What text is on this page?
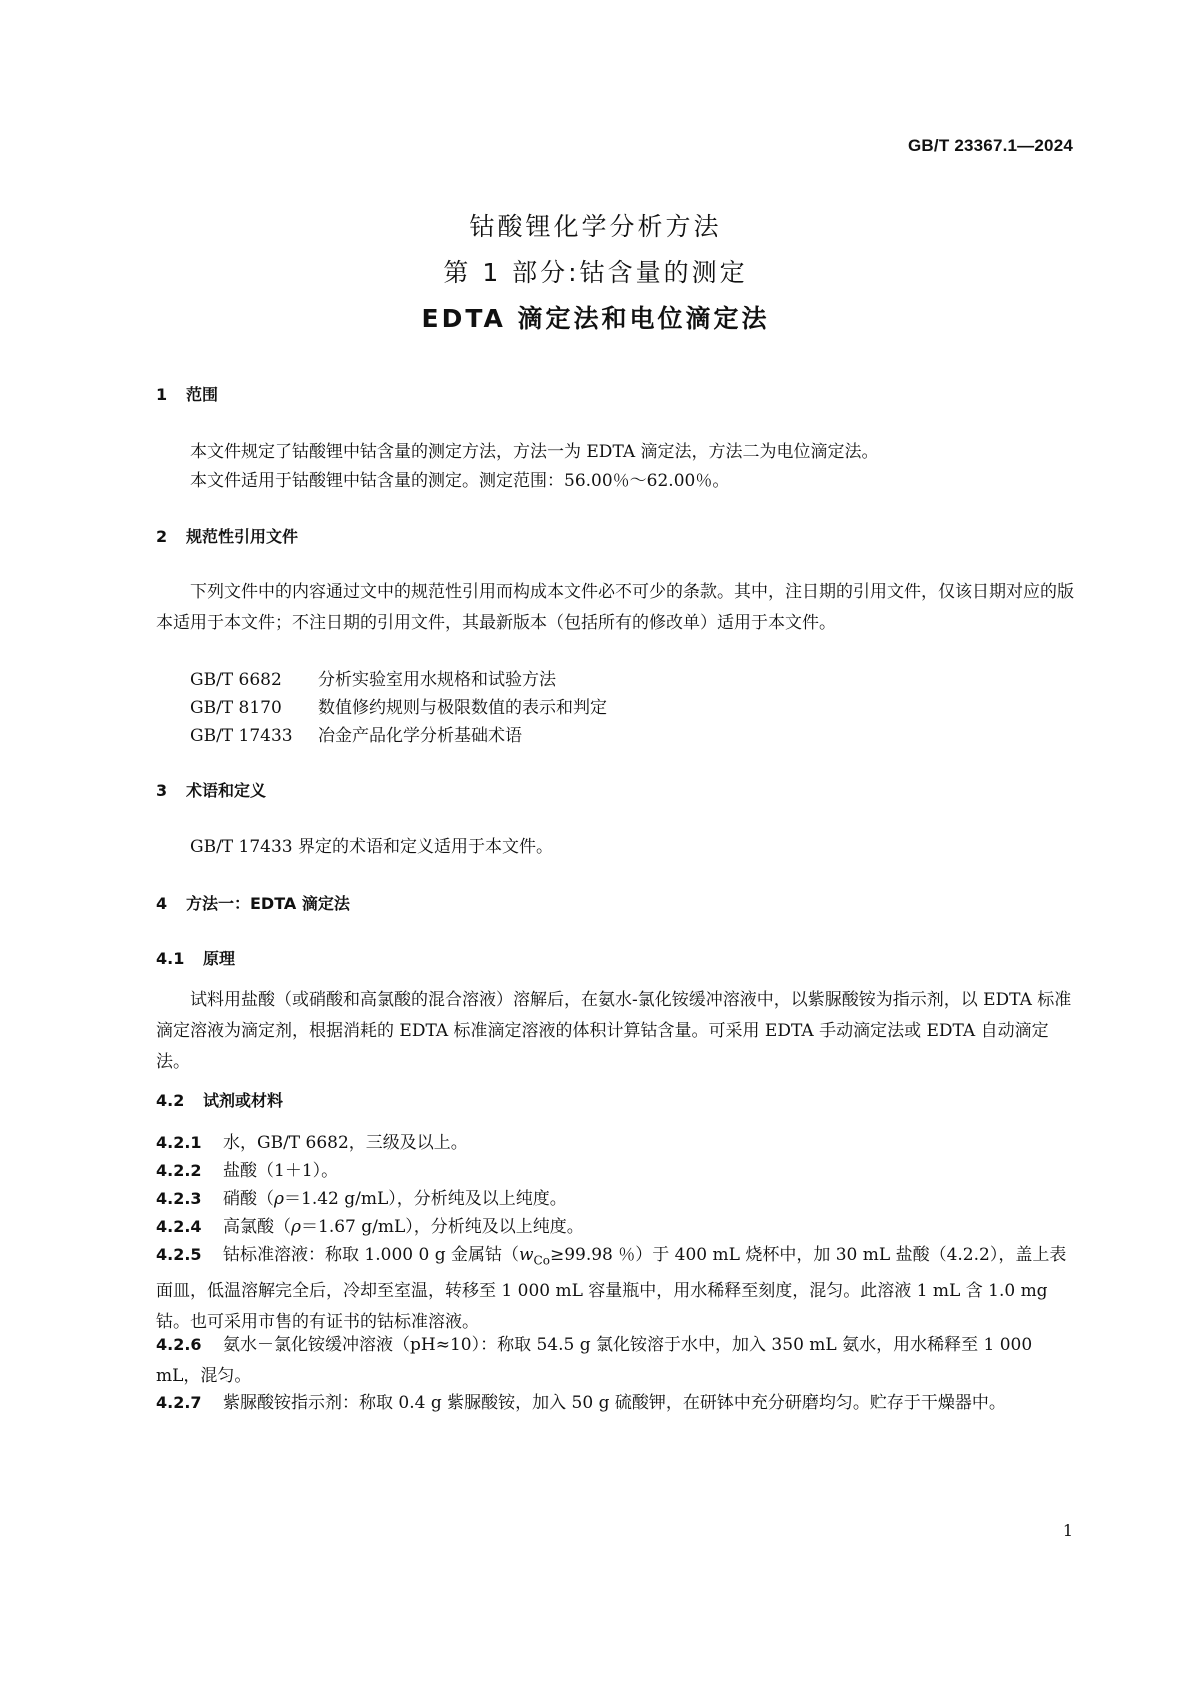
GB/T 23367.1—2024
钴酸锂化学分析方法
第 1 部分:钴含量的测定
EDTA 滴定法和电位滴定法
1 范围
本文件规定了钴酸锂中钴含量的测定方法，方法一为 EDTA 滴定法，方法二为电位滴定法。
本文件适用于钴酸锂中钴含量的测定。测定范围：56.00％～62.00％。
2 规范性引用文件
下列文件中的内容通过文中的规范性引用而构成本文件必不可少的条款。其中，注日期的引用文件，仅该日期对应的版本适用于本文件；不注日期的引用文件，其最新版本（包括所有的修改单）适用于本文件。
GB/T 6682 分析实验室用水规格和试验方法
GB/T 8170 数值修约规则与极限数值的表示和判定
GB/T 17433 冶金产品化学分析基础术语
3 术语和定义
GB/T 17433 界定的术语和定义适用于本文件。
4 方法一：EDTA 滴定法
4.1 原理
试料用盐酸（或硝酸和高氯酸的混合溶液）溶解后，在氨水-氯化铵缓冲溶液中，以紫脲酸铵为指示剂，以 EDTA 标准滴定溶液为滴定剂，根据消耗的 EDTA 标准滴定溶液的体积计算钴含量。可采用 EDTA 手动滴定法或 EDTA 自动滴定法。
4.2 试剂或材料
4.2.1 水，GB/T 6682，三级及以上。
4.2.2 盐酸（1＋1）。
4.2.3 硝酸（ρ＝1.42 g/mL），分析纯及以上纯度。
4.2.4 高氯酸（ρ＝1.67 g/mL），分析纯及以上纯度。
4.2.5 钴标准溶液：称取 1.000 0 g 金属钴（$w_{Co}\ge 99.98$ ％）于 400 mL 烧杯中，加 30 mL 盐酸（4.2.2），盖上表面皿，低温溶解完全后，冷却至室温，转移至 1 000 mL 容量瓶中，用水稀释至刻度，混匀。此溶液 1 mL 含 1.0 mg 钴。也可采用市售的有证书的钴标准溶液。
4.2.6 氨水－氯化铵缓冲溶液（pH≈10）：称取 54.5 g 氯化铵溶于水中，加入 350 mL 氨水，用水稀释至 1 000 mL，混匀。
4.2.7 紫脲酸铵指示剂：称取 0.4 g 紫脲酸铵，加入 50 g 硫酸钾，在研钵中充分研磨均匀。贮存于干燥器中。
1
